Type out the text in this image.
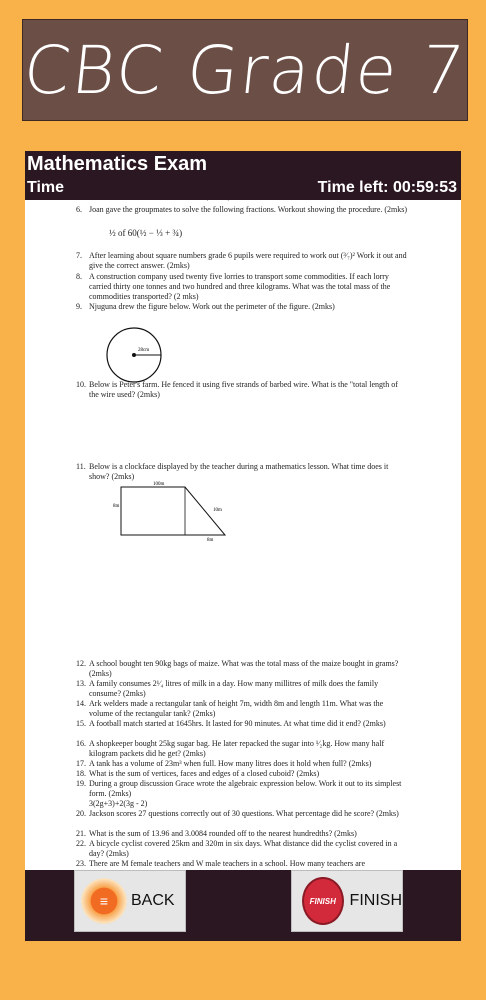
CBC Grade 7
Mathematics Exam
Time	Time left: 00:59:53
6. Joan gave the groupmates to solve the following fractions. Workout showing the procedure. (2mks)
½ of 60(½ − ⅓ + ¾)
7. After learning about square numbers grade 6 pupils were required to work out (³⁄₇)² Work it out and give the correct answer. (2mks)
8. A construction company used twenty five lorries to transport some commodities. If each lorry carried thirty one tonnes and two hundred and three kilograms. What was the total mass of the commodities transported? (2 mks)
9. Njuguna drew the figure below. Work out the perimeter of the figure. (2mks)
28cm
10. Below is Peter's farm. He fenced it using five strands of barbed wire. What is the "total length of the wire used? (2mks)
11. Below is a clockface displayed by the teacher during a mathematics lesson. What time does it show? (2mks)
100m
8m
10m
8m
12. A school bought ten 90kg bags of maize. What was the total mass of the maize bought in grams? (2mks)
13. A family consumes 2¹⁄₄ litres of milk in a day. How many millitres of milk does the family consume? (2mks)
14. Ark welders made a rectangular tank of height 7m, width 8m and length 11m. What was the volume of the rectangular tank? (2mks)
15. A football match started at 1645hrs. It lasted for 90 minutes. At what time did it end? (2mks)
16. A shopkeeper bought 25kg sugar bag. He later repacked the sugar into ¹⁄₂kg. How many half kilogram packets did he get? (2mks)
17. A tank has a volume of 23m³ when full. How many litres does it hold when full? (2mks)
18. What is the sum of vertices, faces and edges of a closed cuboid? (2mks)
19. During a group discussion Grace wrote the algebraic expression below. Work it out to its simplest form. (2mks)
3(2g+3)+2(3g - 2)
20. Jackson scores 27 questions correctly out of 30 questions. What percentage did he score? (2mks)
21. What is the sum of 13.96 and 3.0084 rounded off to the nearest hundredths? (2mks)
22. A bicycle cyclist covered 25km and 320m in six days. What distance did the cyclist covered in a day? (2mks)
23. There are M female teachers and W male teachers in a school. How many teachers are
≡	BACK	FINISH FINISH
